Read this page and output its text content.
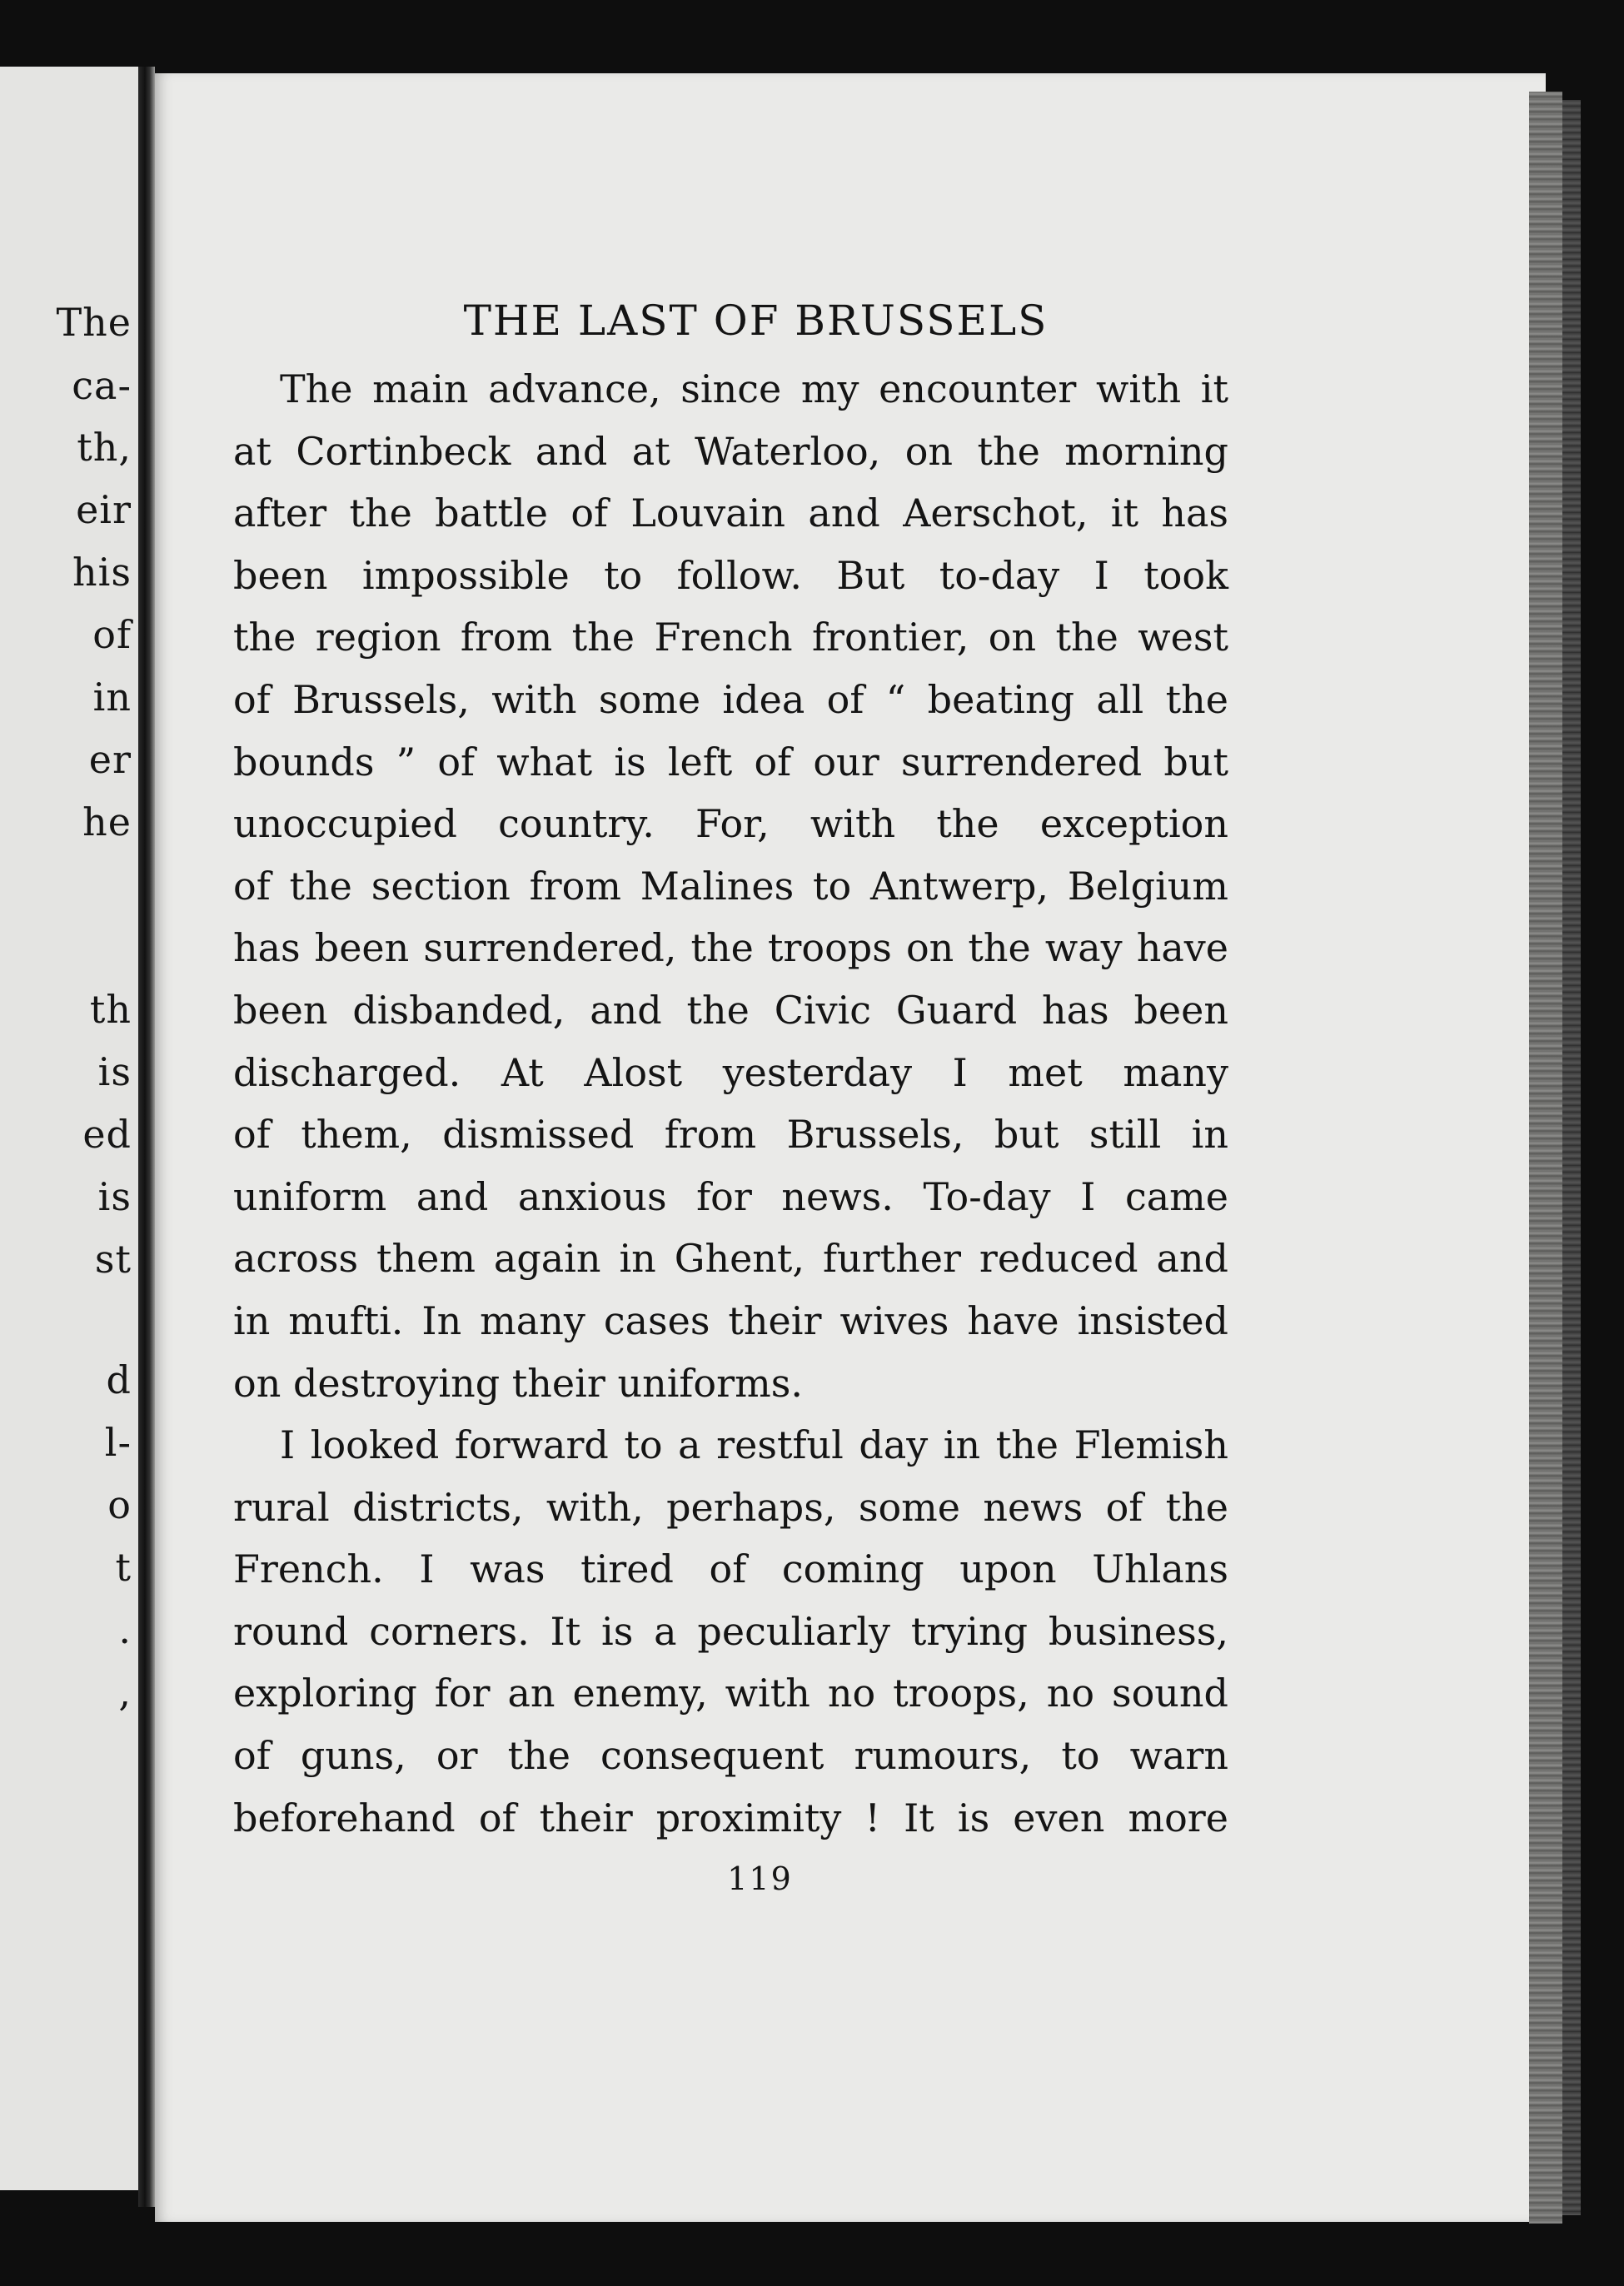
The
ca-
th,
eir
his
of
in
er
he
th
is
ed
is
st
d
l-
o
t
.
,
THE LAST OF BRUSSELS
The main advance, since my encounter with it
at Cortinbeck and at Waterloo, on the morning
after the battle of Louvain and Aerschot, it has
been impossible to follow. But to-day I took
the region from the French frontier, on the west
of Brussels, with some idea of “ beating all the
bounds ” of what is left of our surrendered but
unoccupied country. For, with the exception
of the section from Malines to Antwerp, Belgium
has been surrendered, the troops on the way have
been disbanded, and the Civic Guard has been
discharged. At Alost yesterday I met many
of them, dismissed from Brussels, but still in
uniform and anxious for news. To-day I came
across them again in Ghent, further reduced and
in mufti. In many cases their wives have insisted
on destroying their uniforms.
I looked forward to a restful day in the Flemish
rural districts, with, perhaps, some news of the
French. I was tired of coming upon Uhlans
round corners. It is a peculiarly trying business,
exploring for an enemy, with no troops, no sound
of guns, or the consequent rumours, to warn
beforehand of their proximity ! It is even more
119
